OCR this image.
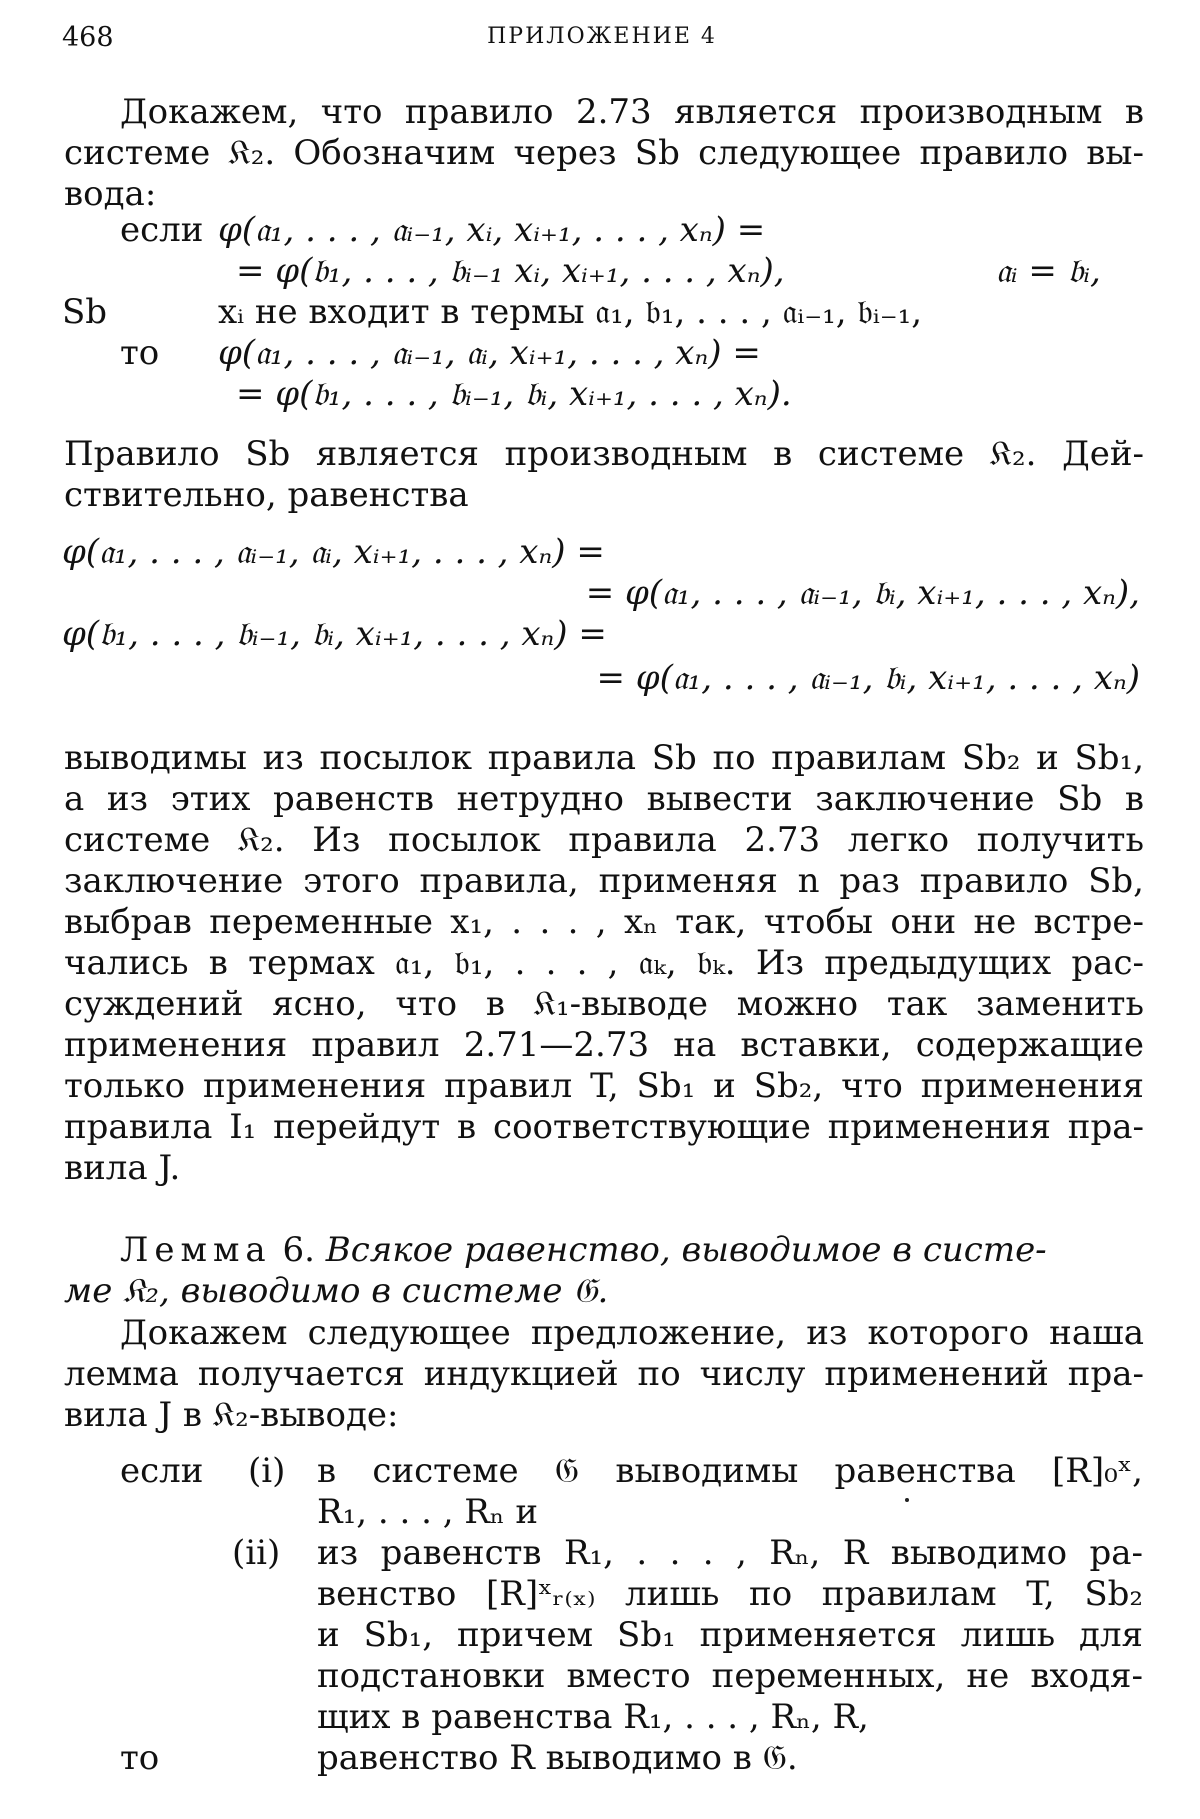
468	ПРИЛОЖЕНИЕ 4
Докажем, что правило 2.73 является производным в
системе 𝔎₂. Обозначим через Sb следующее правило вы-
вода:
если φ(𝔞₁, . . . , 𝔞ᵢ₋₁, xᵢ, xᵢ₊₁, . . . , xₙ) =
= φ(𝔟₁, . . . , 𝔟ᵢ₋₁ xᵢ, xᵢ₊₁, . . . , xₙ),	𝔞ᵢ = 𝔟ᵢ,
Sb	xᵢ не входит в термы 𝔞₁, 𝔟₁, . . . , 𝔞ᵢ₋₁, 𝔟ᵢ₋₁,
то φ(𝔞₁, . . . , 𝔞ᵢ₋₁, 𝔞ᵢ, xᵢ₊₁, . . . , xₙ) =
= φ(𝔟₁, . . . , 𝔟ᵢ₋₁, 𝔟ᵢ, xᵢ₊₁, . . . , xₙ).
Правило Sb является производным в системе 𝔎₂. Дей-
ствительно, равенства
φ(𝔞₁, . . . , 𝔞ᵢ₋₁, 𝔞ᵢ, xᵢ₊₁, . . . , xₙ) =
= φ(𝔞₁, . . . , 𝔞ᵢ₋₁, 𝔟ᵢ, xᵢ₊₁, . . . , xₙ),
φ(𝔟₁, . . . , 𝔟ᵢ₋₁, 𝔟ᵢ, xᵢ₊₁, . . . , xₙ) =
= φ(𝔞₁, . . . , 𝔞ᵢ₋₁, 𝔟ᵢ, xᵢ₊₁, . . . , xₙ)
выводимы из посылок правила Sb по правилам Sb₂ и Sb₁,
а из этих равенств нетрудно вывести заключение Sb в
системе 𝔎₂. Из посылок правила 2.73 легко получить
заключение этого правила, применяя n раз правило Sb,
выбрав переменные x₁, . . . , xₙ так, чтобы они не встре-
чались в термах 𝔞₁, 𝔟₁, . . . , 𝔞ₖ, 𝔟ₖ. Из предыдущих рас-
суждений ясно, что в 𝔎₁-выводе можно так заменить
применения правил 2.71—2.73 на вставки, содержащие
только применения правил T, Sb₁ и Sb₂, что применения
правила I₁ перейдут в соответствующие применения пра-
вила J.
Лемма 6. Всякое равенство, выводимое в систе-
ме 𝔎₂, выводимо в системе 𝔊.
Докажем следующее предложение, из которого наша
лемма получается индукцией по числу применений пра-
вила J в 𝔎₂-выводе:
если (i) в системе 𝔊 выводимы равенства [R]₀ˣ,
R₁, . . . , Rₙ и
(ii) из равенств R₁, . . . , Rₙ, R выводимо ра-
венство [R]ˣᵣ₍ₓ₎ лишь по правилам T, Sb₂
и Sb₁, причем Sb₁ применяется лишь для
подстановки вместо переменных, не входя-
щих в равенства R₁, . . . , Rₙ, R,
то	равенство R выводимо в 𝔊.
